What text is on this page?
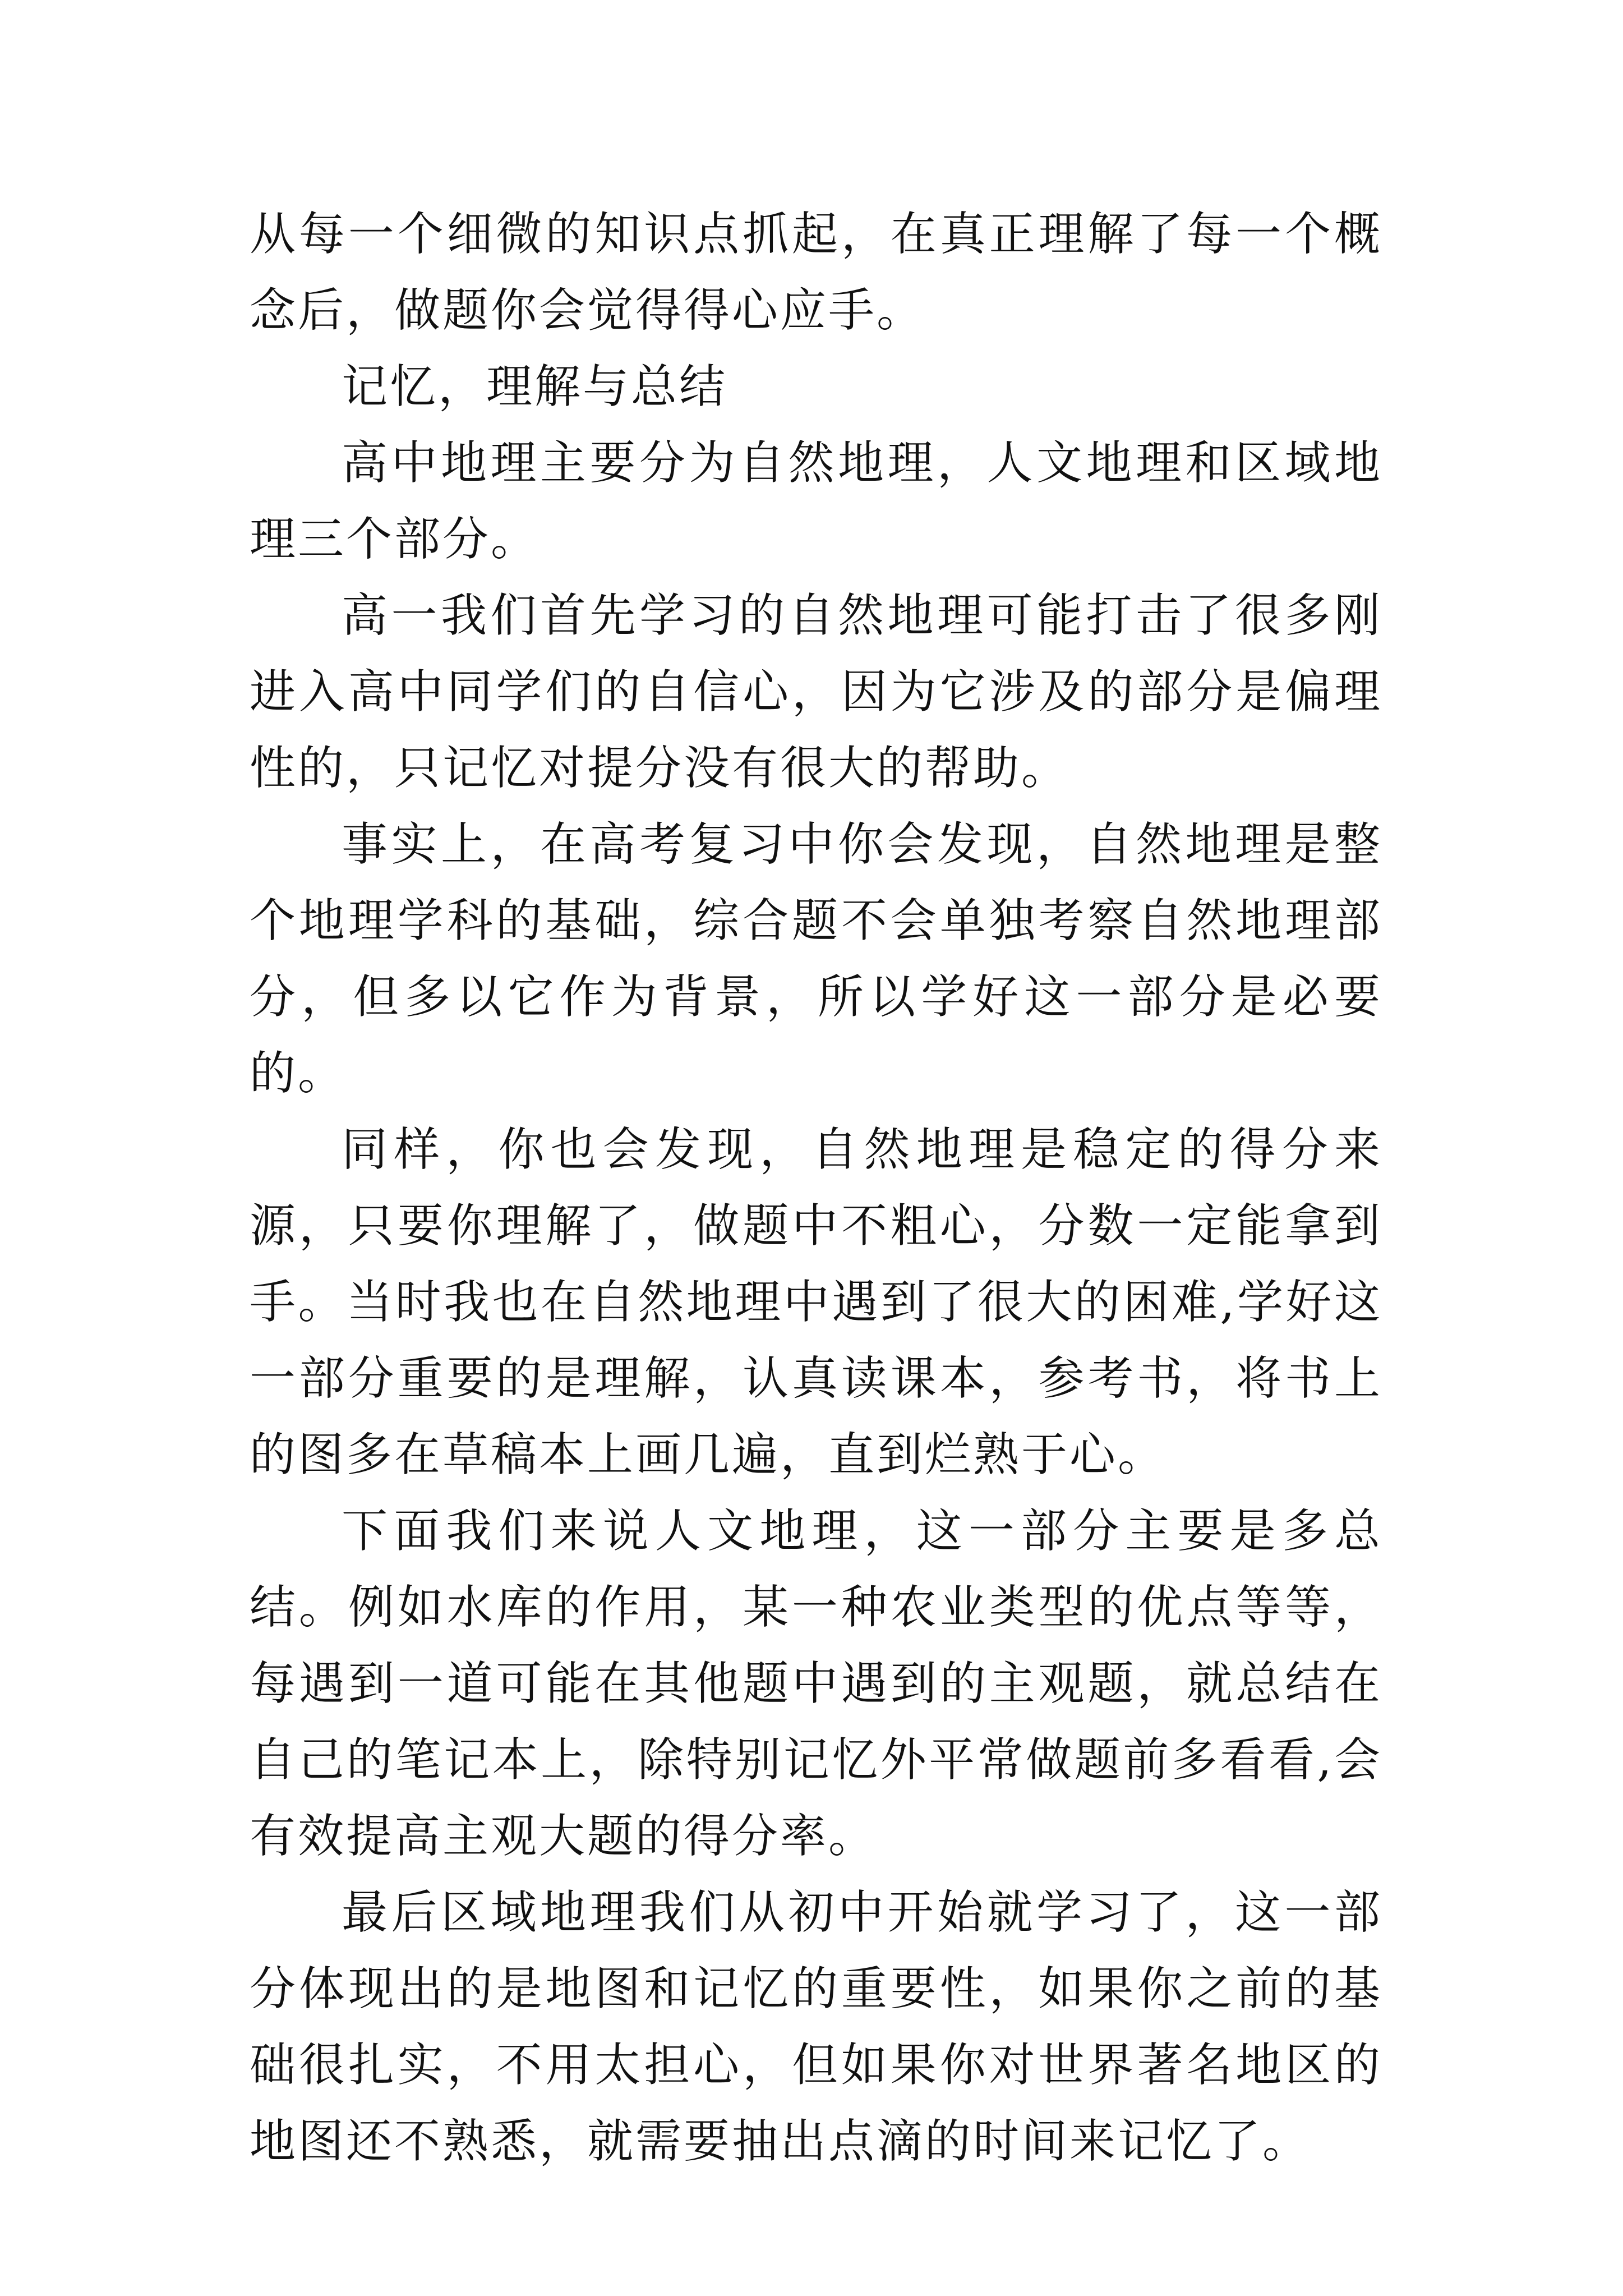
从每一个细微的知识点抓起，在真正理解了每一个概念后，做题你会觉得得心应手。

记忆，理解与总结

高中地理主要分为自然地理，人文地理和区域地理三个部分。

高一我们首先学习的自然地理可能打击了很多刚进入高中同学们的自信心，因为它涉及的部分是偏理性的，只记忆对提分没有很大的帮助。

事实上，在高考复习中你会发现，自然地理是整个地理学科的基础，综合题不会单独考察自然地理部分，但多以它作为背景，所以学好这一部分是必要的。

同样，你也会发现，自然地理是稳定的得分来源，只要你理解了，做题中不粗心，分数一定能拿到手。当时我也在自然地理中遇到了很大的困难,学好这一部分重要的是理解，认真读课本，参考书，将书上的图多在草稿本上画几遍，直到烂熟于心。

下面我们来说人文地理，这一部分主要是多总结。例如水库的作用，某一种农业类型的优点等等，每遇到一道可能在其他题中遇到的主观题，就总结在自己的笔记本上，除特别记忆外平常做题前多看看,会有效提高主观大题的得分率。

最后区域地理我们从初中开始就学习了，这一部分体现出的是地图和记忆的重要性，如果你之前的基础很扎实，不用太担心，但如果你对世界著名地区的地图还不熟悉，就需要抽出点滴的时间来记忆了。
